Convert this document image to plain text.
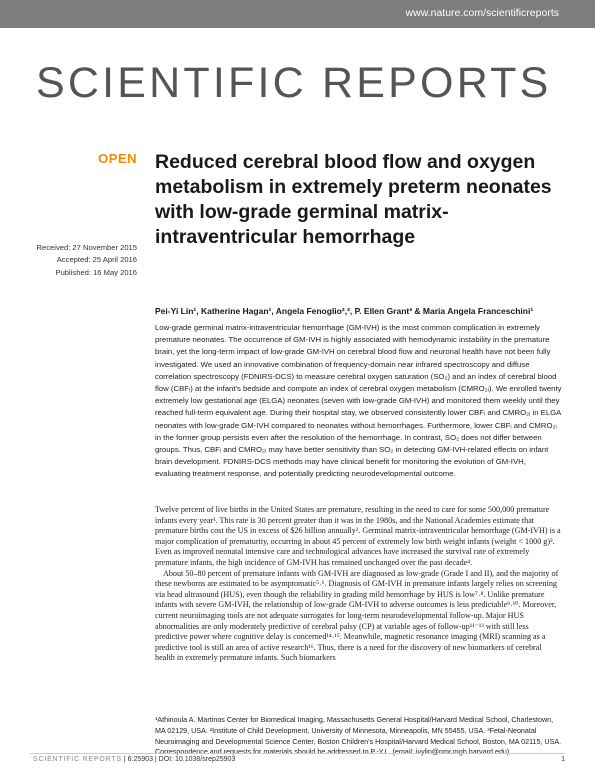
www.nature.com/scientificreports
SCIENTIFIC REPORTS
OPEN Reduced cerebral blood flow and oxygen metabolism in extremely preterm neonates with low-grade germinal matrix- intraventricular hemorrhage
Received: 27 November 2015
Accepted: 25 April 2016
Published: 16 May 2016
Pei-Yi Lin¹, Katherine Hagan¹, Angela Fenoglio²,³, P. Ellen Grant³ & Maria Angela Franceschini¹

Low-grade germinal matrix-intraventricular hemorrhage (GM-IVH) is the most common complication in extremely premature neonates. The occurrence of GM-IVH is highly associated with hemodynamic instability in the premature brain, yet the long-term impact of low-grade GM-IVH on cerebral blood flow and neuronal health have not been fully investigated. We used an innovative combination of frequency-domain near infrared spectroscopy and diffuse correlation spectroscopy (FDNIRS-DCS) to measure cerebral oxygen saturation (SO₂) and an index of cerebral blood flow (CBFᵢ) at the infant's bedside and compute an index of cerebral oxygen metabolism (CMRO₂ᵢ). We enrolled twenty extremely low gestational age (ELGA) neonates (seven with low-grade GM-IVH) and monitored them weekly until they reached full-term equivalent age. During their hospital stay, we observed consistently lower CBFᵢ and CMRO₂ᵢ in ELGA neonates with low-grade GM-IVH compared to neonates without hemorrhages. Furthermore, lower CBFᵢ and CMRO₂ᵢ in the former group persists even after the resolution of the hemorrhage. In contrast, SO₂ does not differ between groups. Thus, CBFᵢ and CMRO₂ᵢ may have better sensitivity than SO₂ in detecting GM-IVH-related effects on infant brain development. FDNIRS-DCS methods may have clinical benefit for monitoring the evolution of GM-IVH, evaluating treatment response, and potentially predicting neurodevelopmental outcome.

Twelve percent of live births in the United States are premature, resulting in the need to care for some 500,000 premature infants every year¹. This rate is 30 percent greater than it was in the 1980s, and the National Academies estimate that premature births cost the US in excess of $26 billion annually². Germinal matrix-intraventricular hemorrhage (GM-IVH) is a major complication of prematurity, occurring in about 45 percent of extremely low birth weight infants (weight < 1000 g)³. Even as improved neonatal intensive care and technological advances have increased the survival rate of extremely premature infants, the high incidence of GM-IVH has remained unchanged over the past decade⁴.

About 50–80 percent of premature infants with GM-IVH are diagnosed as low-grade (Grade I and II), and the majority of these newborns are estimated to be asymptomatic⁵˒⁶. Diagnosis of GM-IVH in premature infants largely relies on screening via head ultrasound (HUS), even though the reliability in grading mild hemorrhage by HUS is low⁷˒⁸. Unlike premature infants with severe GM-IVH, the relationship of low-grade GM-IVH to adverse outcomes is less predictable⁹˒¹⁰. Moreover, current neuroimaging tools are not adequate surrogates for long-term neurodevelopmental follow-up. Major HUS abnormalities are only moderately predictive of cerebral palsy (CP) at variable ages of follow-up¹¹⁻¹³ with still less predictive power where cognitive delay is concerned¹⁴˒¹⁵. Meanwhile, magnetic resonance imaging (MRI) scanning as a predictive tool is still an area of active research¹⁶. Thus, there is a need for the discovery of new biomarkers of cerebral health in extremely premature infants. Such biomarkers

¹Athinoula A. Martinos Center for Biomedical Imaging, Massachusetts General Hospital/Harvard Medical School, Charlestown, MA 02129, USA. ²Institute of Child Development, University of Minnesota, Minneapolis, MN 55455, USA. ³Fetal-Neonatal Neuroimaging and Developmental Science Center, Boston Children's Hospital/Harvard Medical School, Boston, MA 02115, USA. Correspondence and requests for materials should be addressed to P.-Y.L. (email: ivylin@nmr.mgh.harvard.edu)

SCIENTIFIC REPORTS | 6:25903 | DOI: 10.1038/srep25903	1
